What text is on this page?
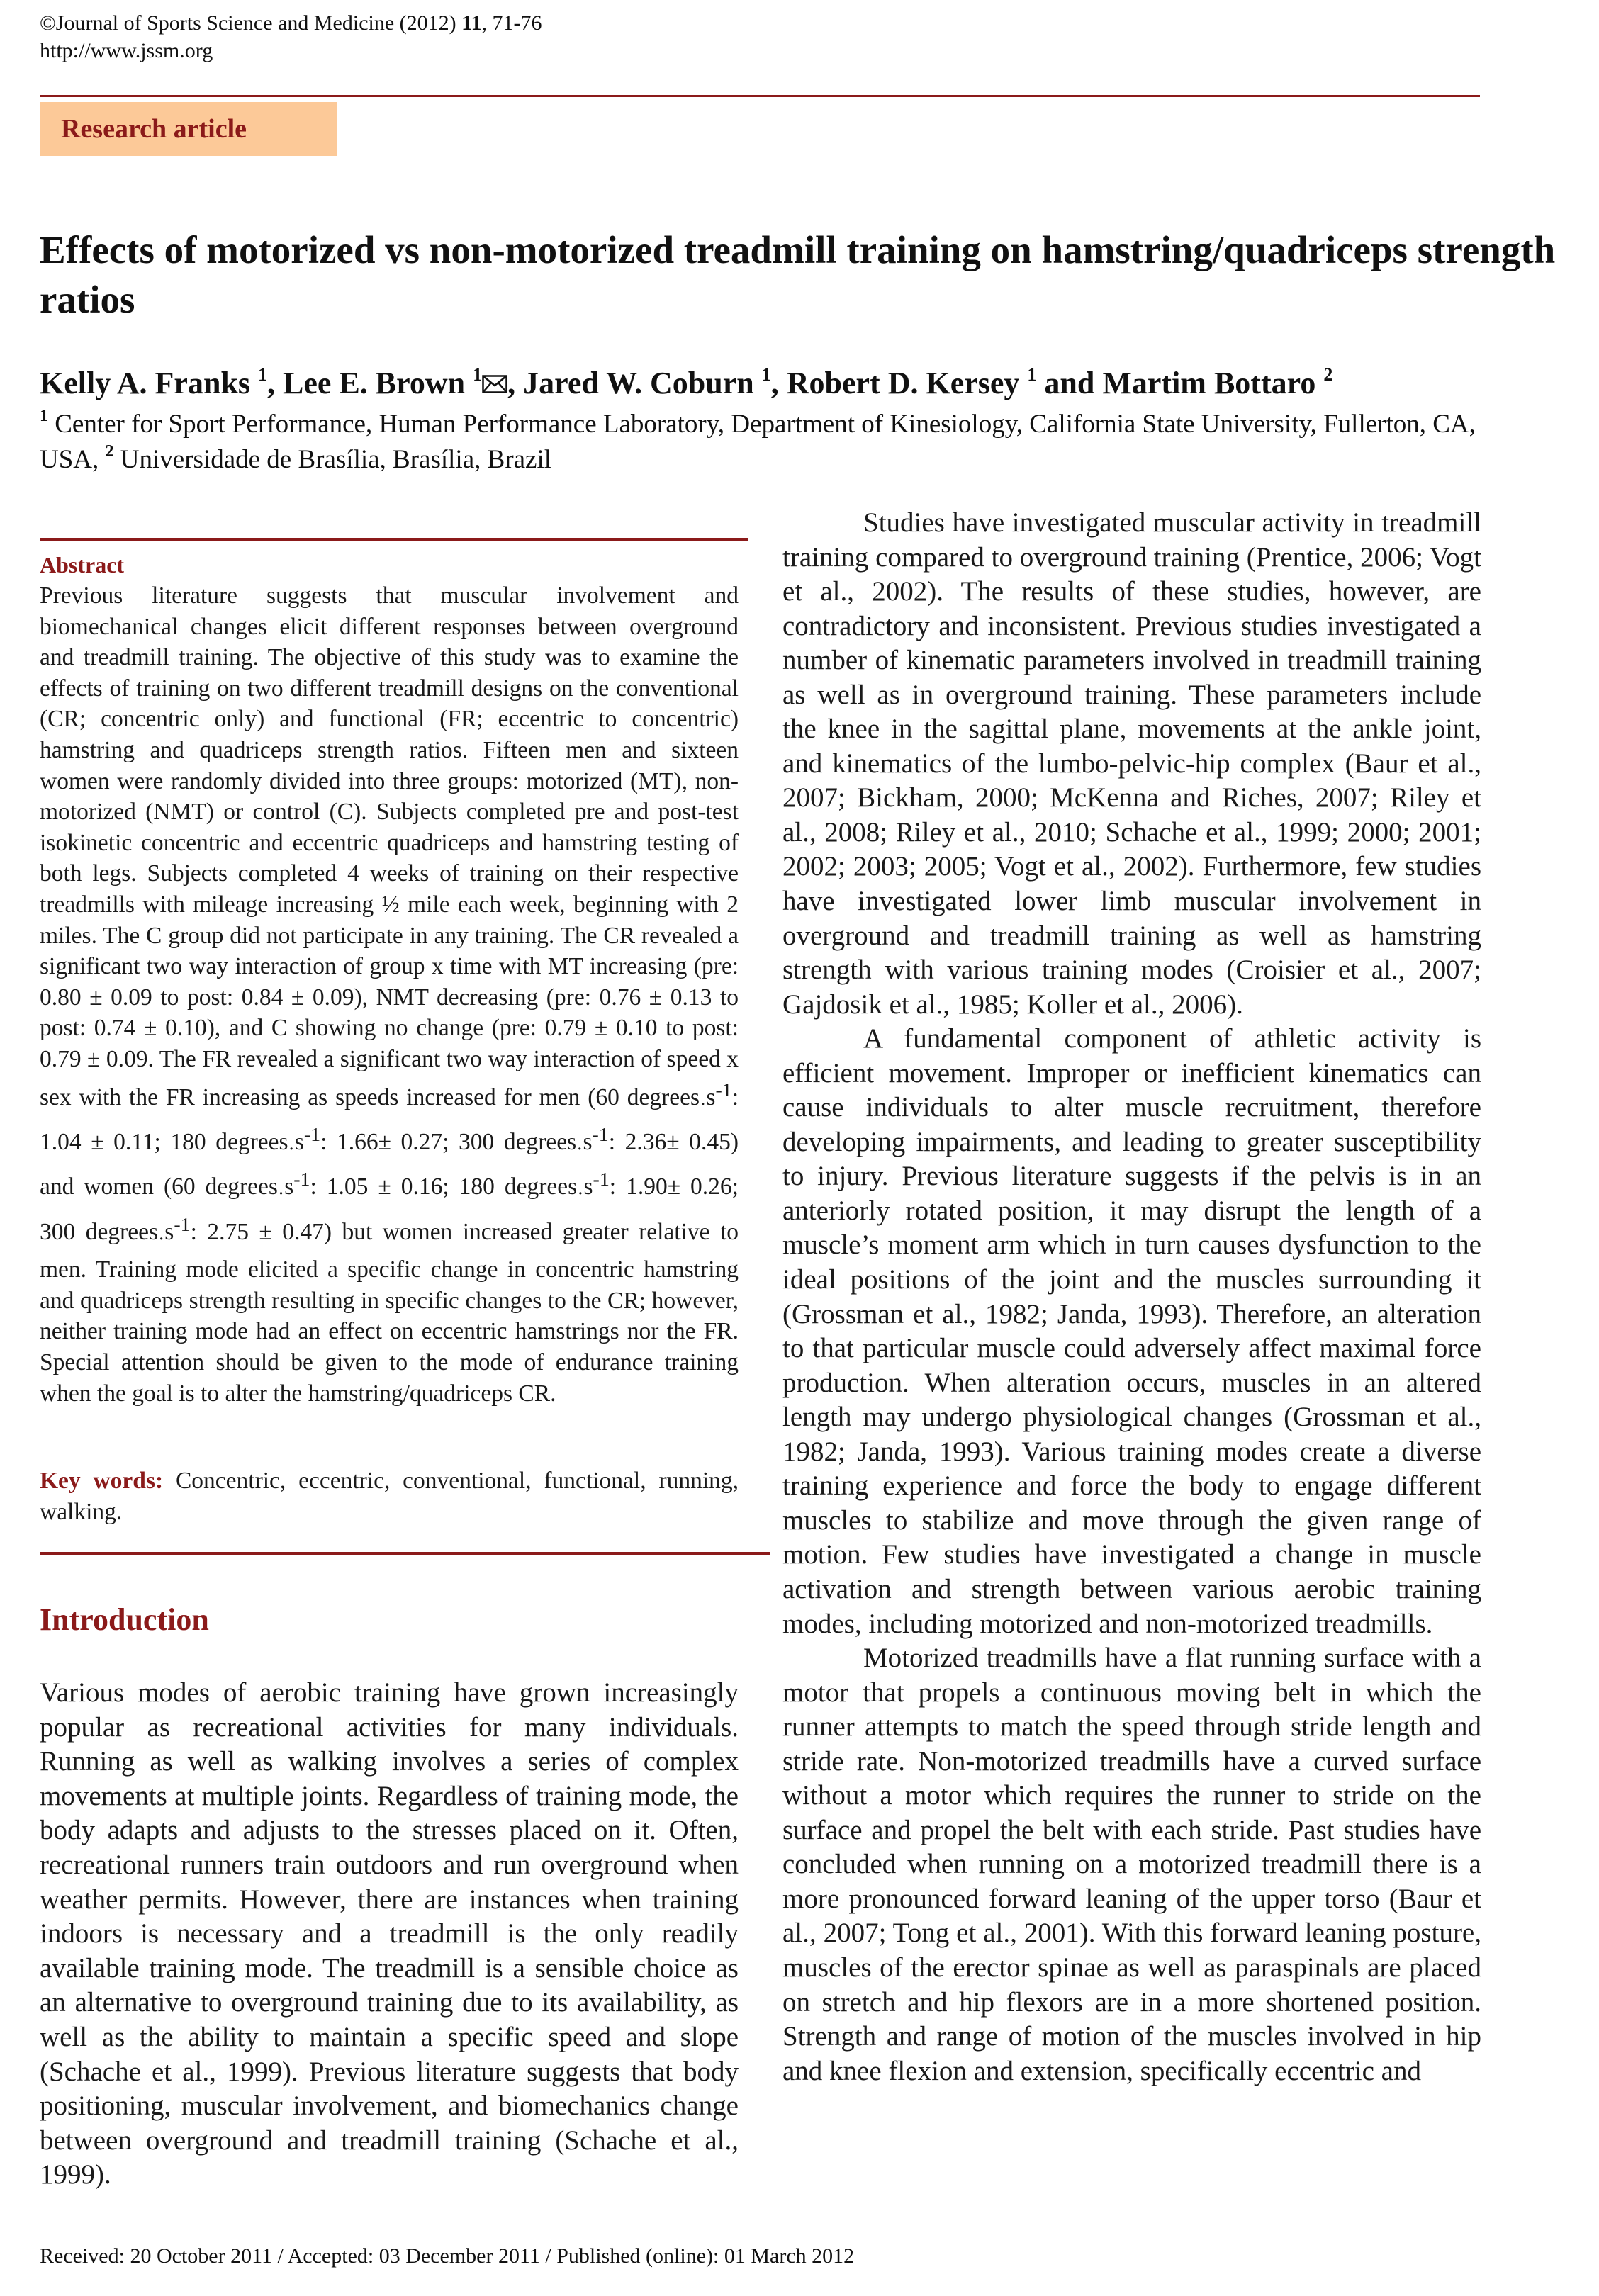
©Journal of Sports Science and Medicine (2012) 11, 71-76
http://www.jssm.org
Research article
Effects of motorized vs non-motorized treadmill training on hamstring/quadriceps strength ratios
Kelly A. Franks $^1$, Lee E. Brown $^1$ , Jared W. Coburn $^1$, Robert D. Kersey $^1$ and Martim Bottaro $^2$
$^1$ Center for Sport Performance, Human Performance Laboratory, Department of Kinesiology, California State University, Fullerton, CA, USA, $^2$ Universidade de Brasília, Brasília, Brazil
Abstract

Previous literature suggests that muscular involvement and biomechanical changes elicit different responses between overground and treadmill training. The objective of this study was to examine the effects of training on two different treadmill designs on the conventional (CR; concentric only) and functional (FR; eccentric to concentric) hamstring and quadriceps strength ratios. Fifteen men and sixteen women were randomly divided into three groups: motorized (MT), non-motorized (NMT) or control (C). Subjects completed pre and post-test isokinetic concentric and eccentric quadriceps and hamstring testing of both legs. Subjects completed 4 weeks of training on their respective treadmills with mileage increasing ½ mile each week, beginning with 2 miles. The C group did not participate in any training. The CR revealed a significant two way interaction of group x time with MT increasing (pre: 0.80 ± 0.09 to post: 0.84 ± 0.09), NMT decreasing (pre: 0.76 ± 0.13 to post: 0.74 ± 0.10), and C showing no change (pre: 0.79 ± 0.10 to post: 0.79 ± 0.09. The FR revealed a significant two way interaction of speed x sex with the FR increasing as speeds increased for men (60 $degrees_\cdot s^{-1}$: 1.04 ± 0.11; 180 $degrees_\cdot s^{-1}$: 1.66± 0.27; 300 $degrees_\cdot s^{-1}$: 2.36± 0.45) and women (60 $degrees_\cdot s^{-1}$: 1.05 ± 0.16; 180 $degrees_\cdot s^{-1}$: 1.90± 0.26; 300 $degrees_\cdot s^{-1}$: 2.75 ± 0.47) but women increased greater relative to men. Training mode elicited a specific change in concentric hamstring and quadriceps strength resulting in specific changes to the CR; however, neither training mode had an effect on eccentric hamstrings nor the FR. Special attention should be given to the mode of endurance training when the goal is to alter the hamstring/quadriceps CR.

Key words: Concentric, eccentric, conventional, functional, running, walking.

Introduction

Various modes of aerobic training have grown increasingly popular as recreational activities for many individuals. Running as well as walking involves a series of complex movements at multiple joints. Regardless of training mode, the body adapts and adjusts to the stresses placed on it. Often, recreational runners train outdoors and run overground when weather permits. However, there are instances when training indoors is necessary and a treadmill is the only readily available training mode. The treadmill is a sensible choice as an alternative to overground training due to its availability, as well as the ability to maintain a specific speed and slope (Schache et al., 1999). Previous literature suggests that body positioning, muscular involvement, and biomechanics change between overground and treadmill training (Schache et al., 1999).

Studies have investigated muscular activity in treadmill training compared to overground training (Prentice, 2006; Vogt et al., 2002). The results of these studies, however, are contradictory and inconsistent. Previous studies investigated a number of kinematic parameters involved in treadmill training as well as in overground training. These parameters include the knee in the sagittal plane, movements at the ankle joint, and kinematics of the lumbo-pelvic-hip complex (Baur et al., 2007; Bickham, 2000; McKenna and Riches, 2007; Riley et al., 2008; Riley et al., 2010; Schache et al., 1999; 2000; 2001; 2002; 2003; 2005; Vogt et al., 2002). Furthermore, few studies have investigated lower limb muscular involvement in overground and treadmill training as well as hamstring strength with various training modes (Croisier et al., 2007; Gajdosik et al., 1985; Koller et al., 2006).

A fundamental component of athletic activity is efficient movement. Improper or inefficient kinematics can cause individuals to alter muscle recruitment, therefore developing impairments, and leading to greater susceptibility to injury. Previous literature suggests if the pelvis is in an anteriorly rotated position, it may disrupt the length of a muscle’s moment arm which in turn causes dysfunction to the ideal positions of the joint and the muscles surrounding it (Grossman et al., 1982; Janda, 1993). Therefore, an alteration to that particular muscle could adversely affect maximal force production. When alteration occurs, muscles in an altered length may undergo physiological changes (Grossman et al., 1982; Janda, 1993). Various training modes create a diverse training experience and force the body to engage different muscles to stabilize and move through the given range of motion. Few studies have investigated a change in muscle activation and strength between various aerobic training modes, including motorized and non-motorized treadmills.

Motorized treadmills have a flat running surface with a motor that propels a continuous moving belt in which the runner attempts to match the speed through stride length and stride rate. Non-motorized treadmills have a curved surface without a motor which requires the runner to stride on the surface and propel the belt with each stride. Past studies have concluded when running on a motorized treadmill there is a more pronounced forward leaning of the upper torso (Baur et al., 2007; Tong et al., 2001). With this forward leaning posture, muscles of the erector spinae as well as paraspinals are placed on stretch and hip flexors are in a more shortened position. Strength and range of motion of the muscles involved in hip and knee flexion and extension, specifically eccentric and

Received: 20 October 2011 / Accepted: 03 December 2011 / Published (online): 01 March 2012
